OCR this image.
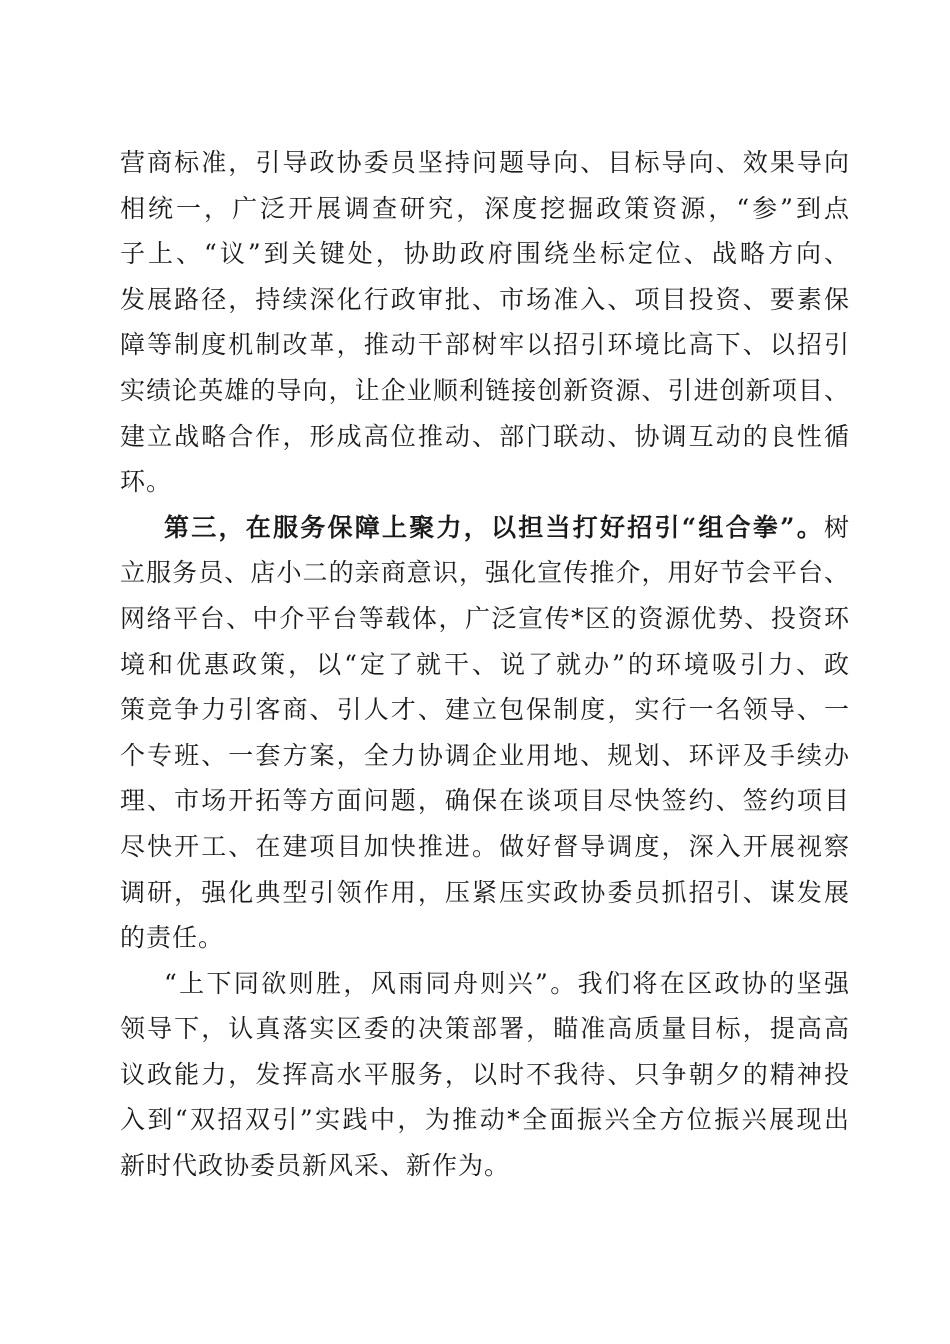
营商标准，引导政协委员坚持问题导向、目标导向、效果导向
相统一，广泛开展调查研究，深度挖掘政策资源，“参”到点
子上、“议”到关键处，协助政府围绕坐标定位、战略方向、
发展路径，持续深化行政审批、市场准入、项目投资、要素保
障等制度机制改革，推动干部树牢以招引环境比高下、以招引
实绩论英雄的导向，让企业顺利链接创新资源、引进创新项目、
建立战略合作，形成高位推动、部门联动、协调互动的良性循
环。
第三，在服务保障上聚力，以担当打好招引“组合拳”。树
立服务员、店小二的亲商意识，强化宣传推介，用好节会平台、
网络平台、中介平台等载体，广泛宣传*区的资源优势、投资环
境和优惠政策，以“定了就干、说了就办”的环境吸引力、政
策竞争力引客商、引人才、建立包保制度，实行一名领导、一
个专班、一套方案，全力协调企业用地、规划、环评及手续办
理、市场开拓等方面问题，确保在谈项目尽快签约、签约项目
尽快开工、在建项目加快推进。做好督导调度，深入开展视察
调研，强化典型引领作用，压紧压实政协委员抓招引、谋发展
的责任。
“上下同欲则胜，风雨同舟则兴”。我们将在区政协的坚强
领导下，认真落实区委的决策部署，瞄准高质量目标，提高高
议政能力，发挥高水平服务，以时不我待、只争朝夕的精神投
入到“双招双引”实践中，为推动*全面振兴全方位振兴展现出
新时代政协委员新风采、新作为。
